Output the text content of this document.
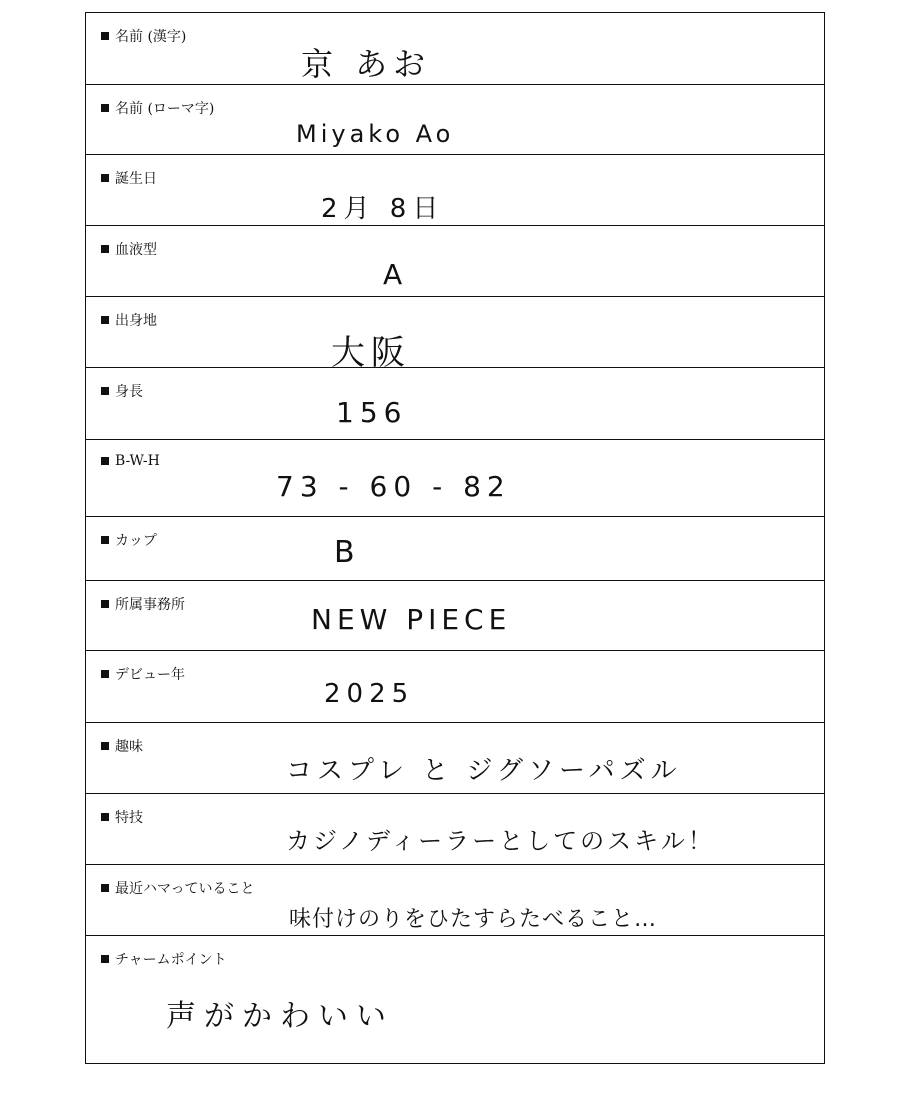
名前 (漢字)
京 あお
名前 (ローマ字)
Miyako Ao
誕生日
2月 8日
血液型
A
出身地
大阪
身長
156
B-W-H
73 - 60 - 82
カップ	B
所属事務所	NEW PIECE
デビュー年
2025
趣味
コスプレ と ジグソーパズル
特技
カジノディーラーとしてのスキル！
最近ハマっていること
味付けのりをひたすらたべること…
チャームポイント
声がかわいい
